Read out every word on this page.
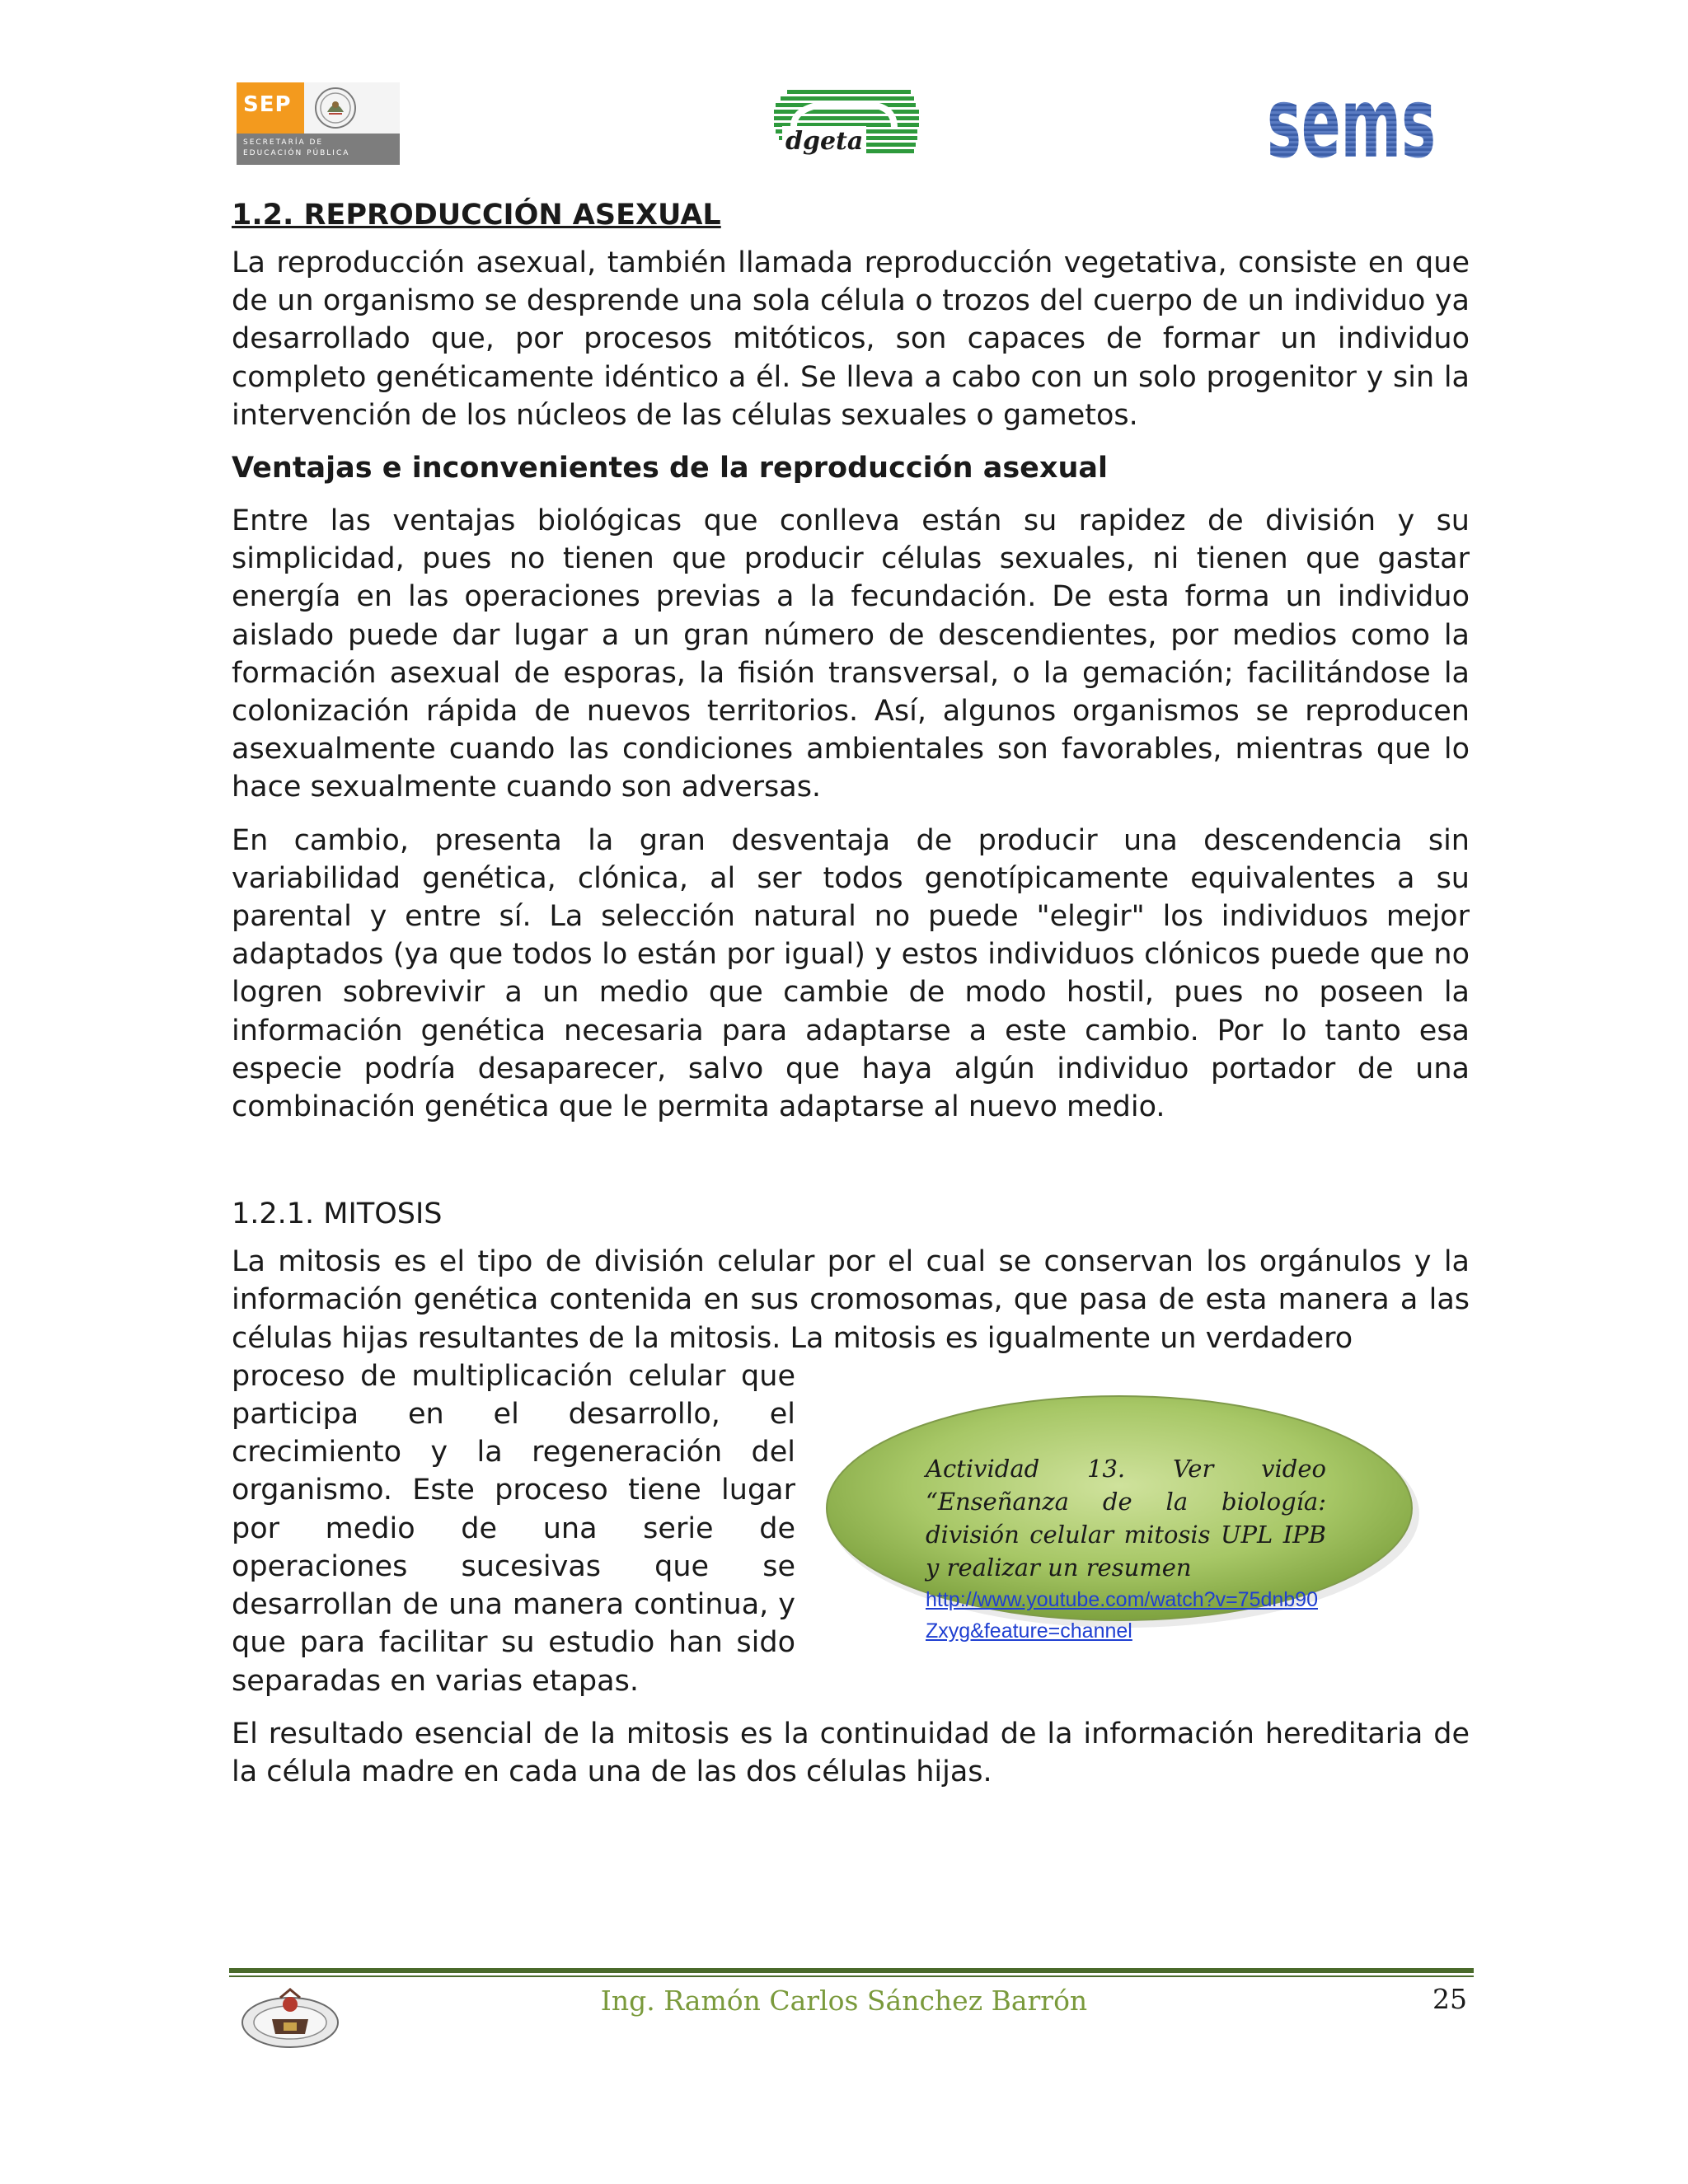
SEP
SECRETARÍA DE
EDUCACIÓN PÚBLICA	dgeta	sems
1.2. REPRODUCCIÓN ASEXUAL

La reproducción asexual, también llamada reproducción vegetativa, consiste en que de un organismo se desprende una sola célula o trozos del cuerpo de un individuo ya desarrollado que, por procesos mitóticos, son capaces de formar un individuo completo genéticamente idéntico a él. Se lleva a cabo con un solo progenitor y sin la intervención de los núcleos de las células sexuales o gametos.

Ventajas e inconvenientes de la reproducción asexual

Entre las ventajas biológicas que conlleva están su rapidez de división y su simplicidad, pues no tienen que producir células sexuales, ni tienen que gastar energía en las operaciones previas a la fecundación. De esta forma un individuo aislado puede dar lugar a un gran número de descendientes, por medios como la formación asexual de esporas, la fisión transversal, o la gemación; facilitándose la colonización rápida de nuevos territorios. Así, algunos organismos se reproducen asexualmente cuando las condiciones ambientales son favorables, mientras que lo hace sexualmente cuando son adversas.

En cambio, presenta la gran desventaja de producir una descendencia sin variabilidad genética, clónica, al ser todos genotípicamente equivalentes a su parental y entre sí. La selección natural no puede "elegir" los individuos mejor adaptados (ya que todos lo están por igual) y estos individuos clónicos puede que no logren sobrevivir a un medio que cambie de modo hostil, pues no poseen la información genética necesaria para adaptarse a este cambio. Por lo tanto esa especie podría desaparecer, salvo que haya algún individuo portador de una combinación genética que le permita adaptarse al nuevo medio.

1.2.1. MITOSIS

La mitosis es el tipo de división celular por el cual se conservan los orgánulos y la información genética contenida en sus cromosomas, que pasa de esta manera a las células hijas resultantes de la mitosis. La mitosis es igualmente un verdadero

proceso de multiplicación celular que participa en el desarrollo, el crecimiento y la regeneración del organismo. Este proceso tiene lugar por medio de una serie de operaciones sucesivas que se desarrollan de una manera continua, y que para facilitar su estudio han sido separadas en varias etapas.

El resultado esencial de la mitosis es la continuidad de la información hereditaria de la célula madre en cada una de las dos células hijas.

Actividad 13. Ver video “Enseñanza de la biología: división celular mitosis UPL IPB y realizar un resumen
http://www.youtube.com/watch?v=75dnb90Zxyg&feature=channel
Ing. Ramón Carlos Sánchez Barrón	25
